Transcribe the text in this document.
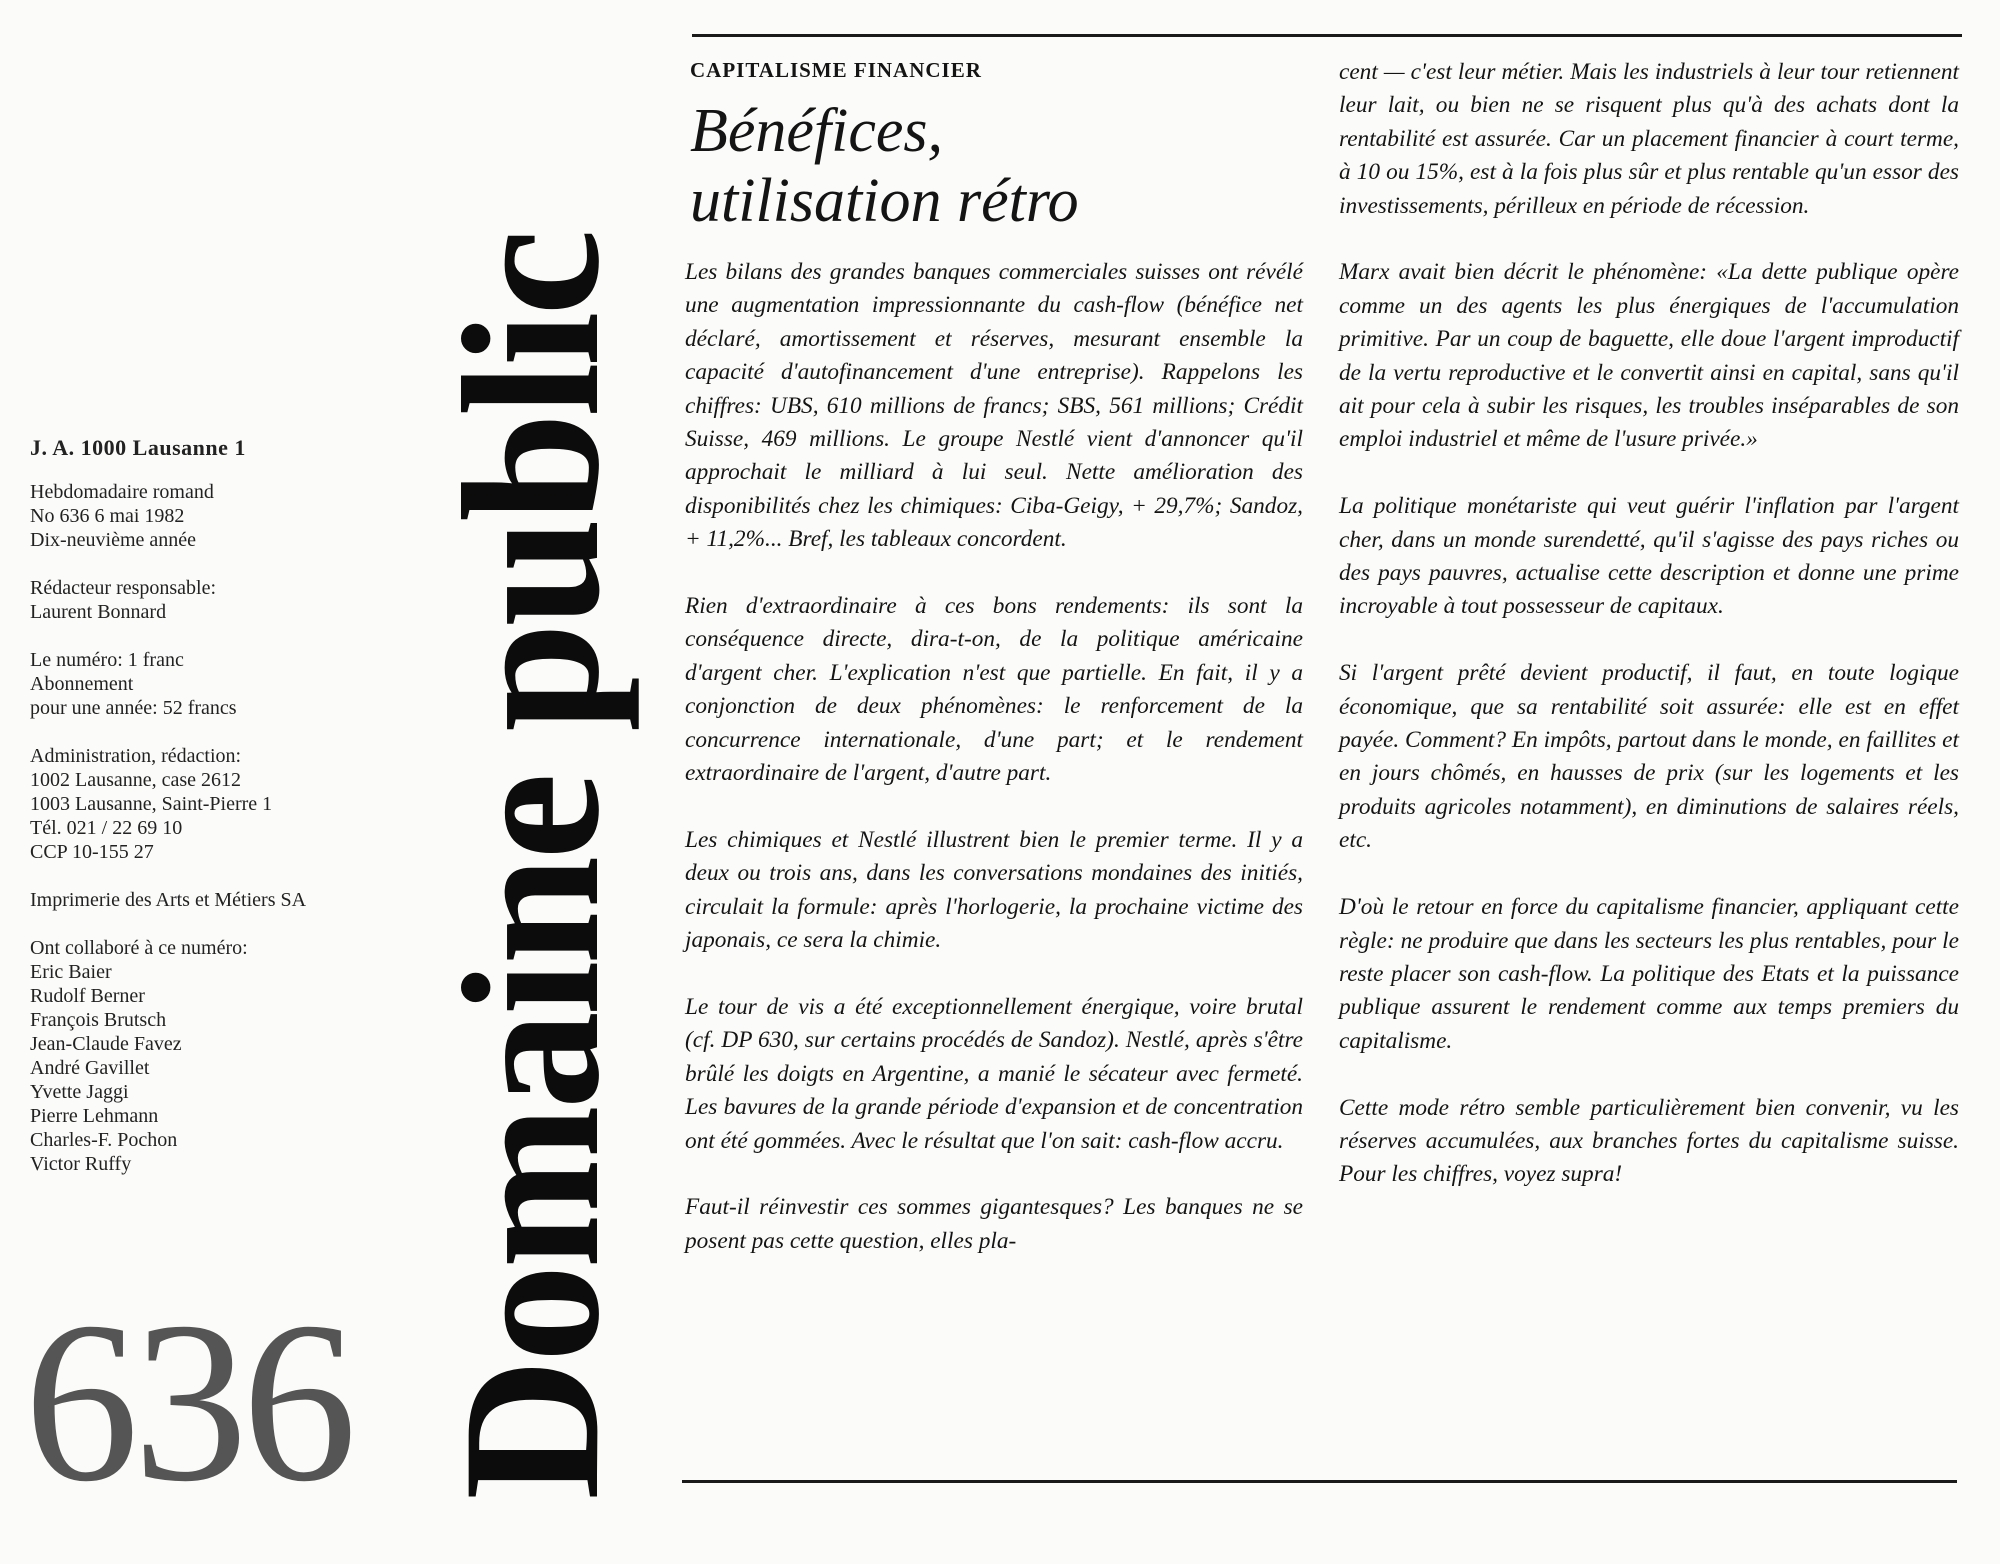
J. A. 1000 Lausanne 1
Hebdomadaire romand
No 636 6 mai 1982
Dix-neuvième année
Rédacteur responsable:
Laurent Bonnard
Le numéro: 1 franc
Abonnement
pour une année: 52 francs
Administration, rédaction:
1002 Lausanne, case 2612
1003 Lausanne, Saint-Pierre 1
Tél. 021 / 22 69 10
CCP 10-155 27
Imprimerie des Arts et Métiers SA
Ont collaboré à ce numéro:
Eric Baier
Rudolf Berner
François Brutsch
Jean-Claude Favez
André Gavillet
Yvette Jaggi
Pierre Lehmann
Charles-F. Pochon
Victor Ruffy
636 Domaine public
CAPITALISME FINANCIER
Bénéfices,
utilisation rétro

Les bilans des grandes banques commerciales suisses ont révélé une augmentation impressionnante du cash-flow (bénéfice net déclaré, amortissement et réserves, mesurant ensemble la capacité d'autofinancement d'une entreprise). Rappelons les chiffres: UBS, 610 millions de francs; SBS, 561 millions; Crédit Suisse, 469 millions. Le groupe Nestlé vient d'annoncer qu'il approchait le milliard à lui seul. Nette amélioration des disponibilités chez les chimiques: Ciba-Geigy, + 29,7%; Sandoz, + 11,2%... Bref, les tableaux concordent.

Rien d'extraordinaire à ces bons rendements: ils sont la conséquence directe, dira-t-on, de la politique américaine d'argent cher. L'explication n'est que partielle. En fait, il y a conjonction de deux phénomènes: le renforcement de la concurrence internationale, d'une part; et le rendement extraordinaire de l'argent, d'autre part.

Les chimiques et Nestlé illustrent bien le premier terme. Il y a deux ou trois ans, dans les conversations mondaines des initiés, circulait la formule: après l'horlogerie, la prochaine victime des japonais, ce sera la chimie.

Le tour de vis a été exceptionnellement énergique, voire brutal (cf. DP 630, sur certains procédés de Sandoz). Nestlé, après s'être brûlé les doigts en Argentine, a manié le sécateur avec fermeté. Les bavures de la grande période d'expansion et de concentration ont été gommées. Avec le résultat que l'on sait: cash-flow accru.

Faut-il réinvestir ces sommes gigantesques? Les banques ne se posent pas cette question, elles pla-

cent — c'est leur métier. Mais les industriels à leur tour retiennent leur lait, ou bien ne se risquent plus qu'à des achats dont la rentabilité est assurée. Car un placement financier à court terme, à 10 ou 15%, est à la fois plus sûr et plus rentable qu'un essor des investissements, périlleux en période de récession.

Marx avait bien décrit le phénomène: «La dette publique opère comme un des agents les plus énergiques de l'accumulation primitive. Par un coup de baguette, elle doue l'argent improductif de la vertu reproductive et le convertit ainsi en capital, sans qu'il ait pour cela à subir les risques, les troubles inséparables de son emploi industriel et même de l'usure privée.»

La politique monétariste qui veut guérir l'inflation par l'argent cher, dans un monde surendetté, qu'il s'agisse des pays riches ou des pays pauvres, actualise cette description et donne une prime incroyable à tout possesseur de capitaux.

Si l'argent prêté devient productif, il faut, en toute logique économique, que sa rentabilité soit assurée: elle est en effet payée. Comment? En impôts, partout dans le monde, en faillites et en jours chômés, en hausses de prix (sur les logements et les produits agricoles notamment), en diminutions de salaires réels, etc.

D'où le retour en force du capitalisme financier, appliquant cette règle: ne produire que dans les secteurs les plus rentables, pour le reste placer son cash-flow. La politique des Etats et la puissance publique assurent le rendement comme aux temps premiers du capitalisme.

Cette mode rétro semble particulièrement bien convenir, vu les réserves accumulées, aux branches fortes du capitalisme suisse. Pour les chiffres, voyez supra!
